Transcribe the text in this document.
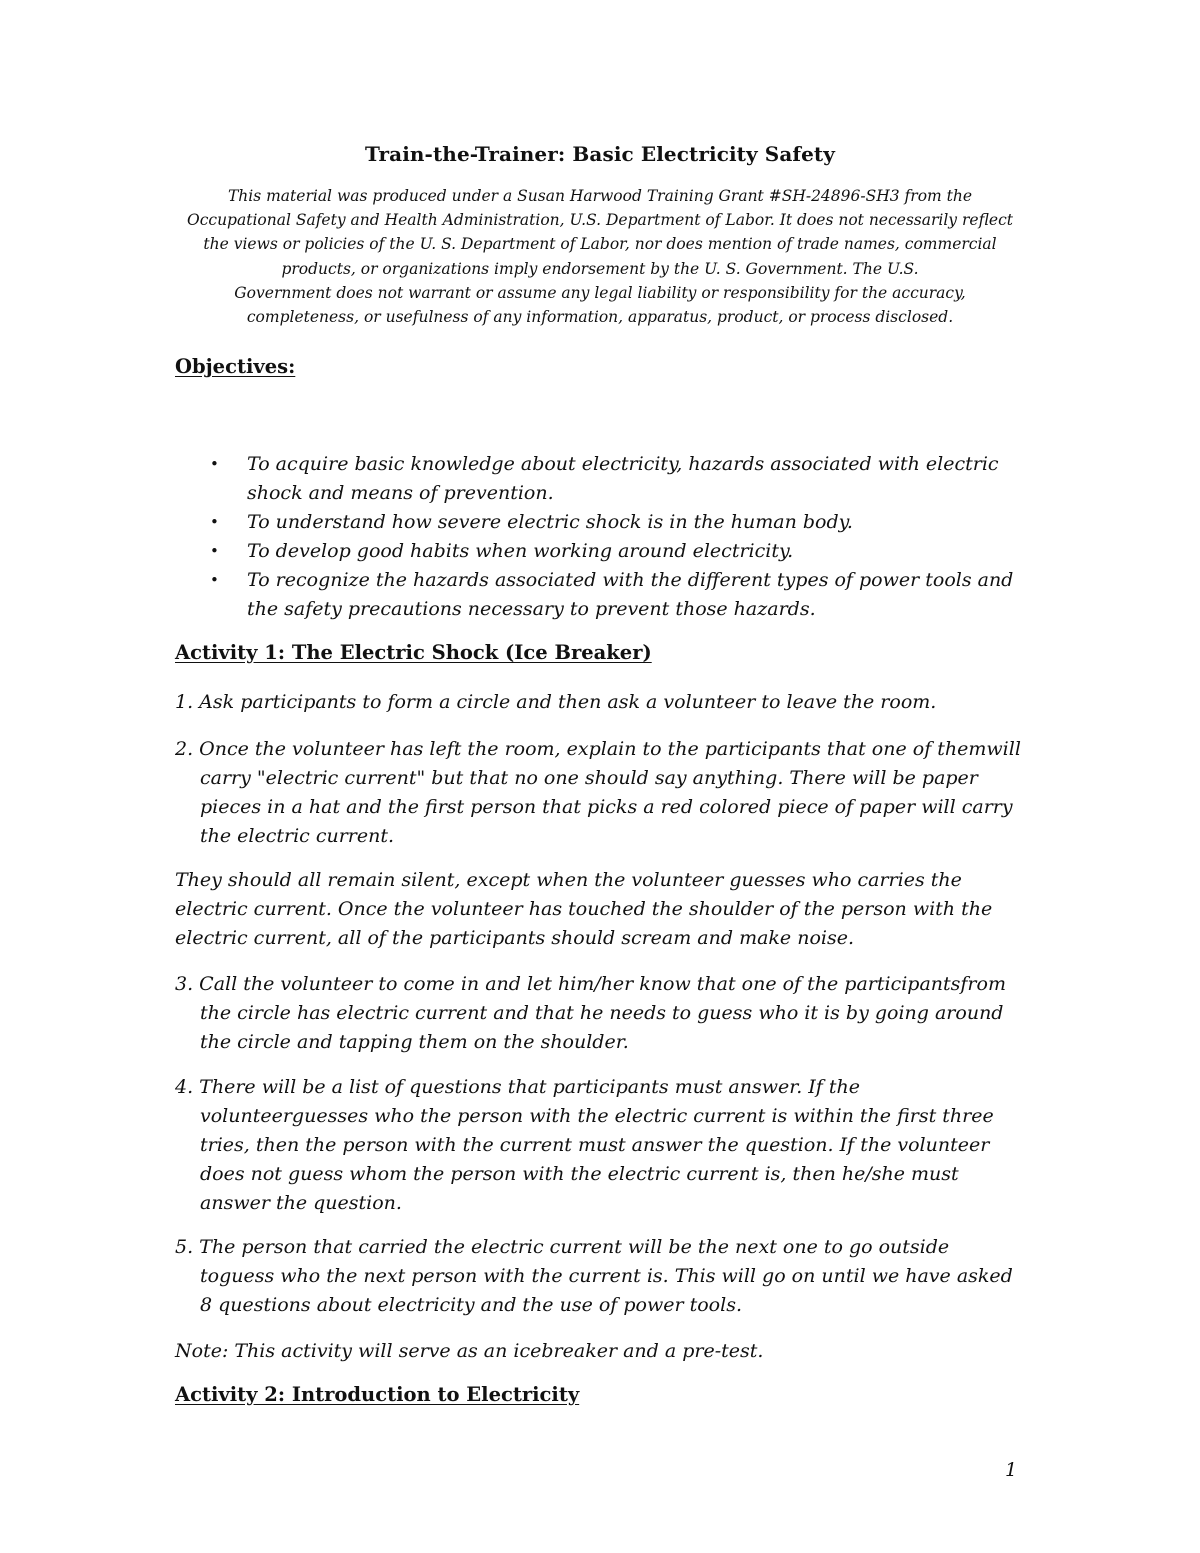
Train-the-Trainer: Basic Electricity Safety
This material was produced under a Susan Harwood Training Grant #SH-24896-SH3 from the
Occupational Safety and Health Administration, U.S. Department of Labor. It does not necessarily reflect
the views or policies of the U. S. Department of Labor, nor does mention of trade names, commercial
products, or organizations imply endorsement by the U. S. Government. The U.S.
Government does not warrant or assume any legal liability or responsibility for the accuracy,
completeness, or usefulness of any information, apparatus, product, or process disclosed.
Objectives:
• To acquire basic knowledge about electricity, hazards associated with electric
shock and means of prevention.
• To understand how severe electric shock is in the human body.
• To develop good habits when working around electricity.
• To recognize the hazards associated with the different types of power tools and
the safety precautions necessary to prevent those hazards.
Activity 1: The Electric Shock (Ice Breaker)
1. Ask participants to form a circle and then ask a volunteer to leave the room.
2. Once the volunteer has left the room, explain to the participants that one of themwill
carry "electric current" but that no one should say anything. There will be paper
pieces in a hat and the first person that picks a red colored piece of paper will carry
the electric current.
They should all remain silent, except when the volunteer guesses who carries the
electric current. Once the volunteer has touched the shoulder of the person with the
electric current, all of the participants should scream and make noise.
3. Call the volunteer to come in and let him/her know that one of the participantsfrom
the circle has electric current and that he needs to guess who it is by going around
the circle and tapping them on the shoulder.
4. There will be a list of questions that participants must answer. If the
volunteerguesses who the person with the electric current is within the first three
tries, then the person with the current must answer the question. If the volunteer
does not guess whom the person with the electric current is, then he/she must
answer the question.
5. The person that carried the electric current will be the next one to go outside
toguess who the next person with the current is. This will go on until we have asked
8 questions about electricity and the use of power tools.
Note: This activity will serve as an icebreaker and a pre-test.
Activity 2: Introduction to Electricity
1
